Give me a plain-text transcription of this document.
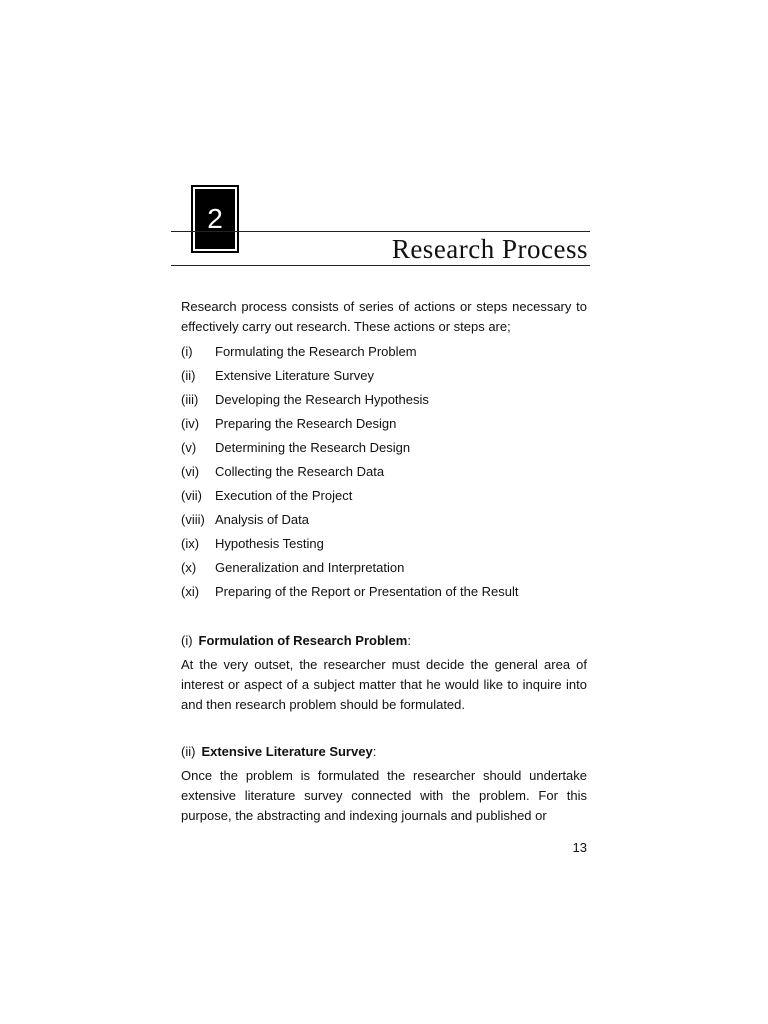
2
Research Process

Research process consists of series of actions or steps necessary to effectively carry out research. These actions or steps are;

(i)	Formulating the Research Problem
(ii)	Extensive Literature Survey
(iii)	Developing the Research Hypothesis
(iv)	Preparing the Research Design
(v)	Determining the Research Design
(vi)	Collecting the Research Data
(vii)	Execution of the Project
(viii) Analysis of Data
(ix)	Hypothesis Testing
(x)	Generalization and Interpretation
(xi)	Preparing of the Report or Presentation of the Result

(i) Formulation of Research Problem:

At the very outset, the researcher must decide the general area of interest or aspect of a subject matter that he would like to inquire into and then research problem should be formulated.

(ii) Extensive Literature Survey:

Once the problem is formulated the researcher should undertake extensive literature survey connected with the problem. For this purpose, the abstracting and indexing journals and published or

13
